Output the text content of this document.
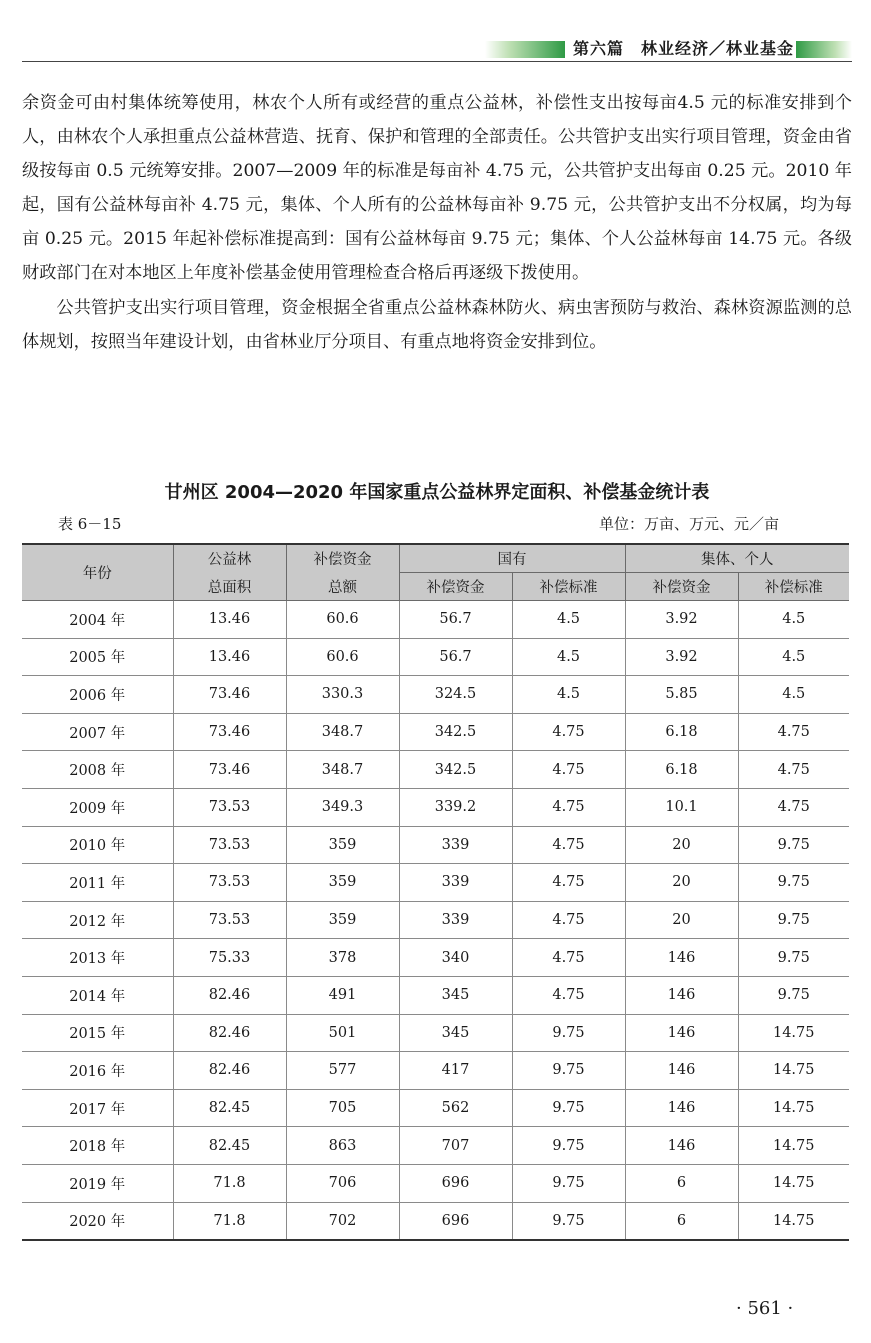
第六篇　林业经济／林业基金

余资金可由村集体统筹使用，林农个人所有或经营的重点公益林，补偿性支出按每亩4.5 元的标准安排到个人，由林农个人承担重点公益林营造、抚育、保护和管理的全部责任。公共管护支出实行项目管理，资金由省级按每亩 0.5 元统筹安排。2007—2009 年的标准是每亩补 4.75 元，公共管护支出每亩 0.25 元。2010 年起，国有公益林每亩补 4.75 元，集体、个人所有的公益林每亩补 9.75 元，公共管护支出不分权属，均为每亩 0.25 元。2015 年起补偿标准提高到：国有公益林每亩 9.75 元；集体、个人公益林每亩 14.75 元。各级财政部门在对本地区上年度补偿基金使用管理检查合格后再逐级下拨使用。

公共管护支出实行项目管理，资金根据全省重点公益林森林防火、病虫害预防与救治、森林资源监测的总体规划，按照当年建设计划，由省林业厅分项目、有重点地将资金安排到位。

甘州区 2004—2020 年国家重点公益林界定面积、补偿基金统计表
表 6－15	单位：万亩、万元、元／亩
年份	公益林	补偿资金	国有		集体、个人	
	总面积	总额	补偿资金	补偿标准	补偿资金	补偿标准
2004 年	13.46	60.6	56.7	4.5	3.92	4.5
2005 年	13.46	60.6	56.7	4.5	3.92	4.5
2006 年	73.46	330.3	324.5	4.5	5.85	4.5
2007 年	73.46	348.7	342.5	4.75	6.18	4.75
2008 年	73.46	348.7	342.5	4.75	6.18	4.75
2009 年	73.53	349.3	339.2	4.75	10.1	4.75
2010 年	73.53	359	339	4.75	20	9.75
2011 年	73.53	359	339	4.75	20	9.75
2012 年	73.53	359	339	4.75	20	9.75
2013 年	75.33	378	340	4.75	146	9.75
2014 年	82.46	491	345	4.75	146	9.75
2015 年	82.46	501	345	9.75	146	14.75
2016 年	82.46	577	417	9.75	146	14.75
2017 年	82.45	705	562	9.75	146	14.75
2018 年	82.45	863	707	9.75	146	14.75
2019 年	71.8	706	696	9.75	6	14.75
2020 年	71.8	702	696	9.75	6	14.75
· 561 ·
